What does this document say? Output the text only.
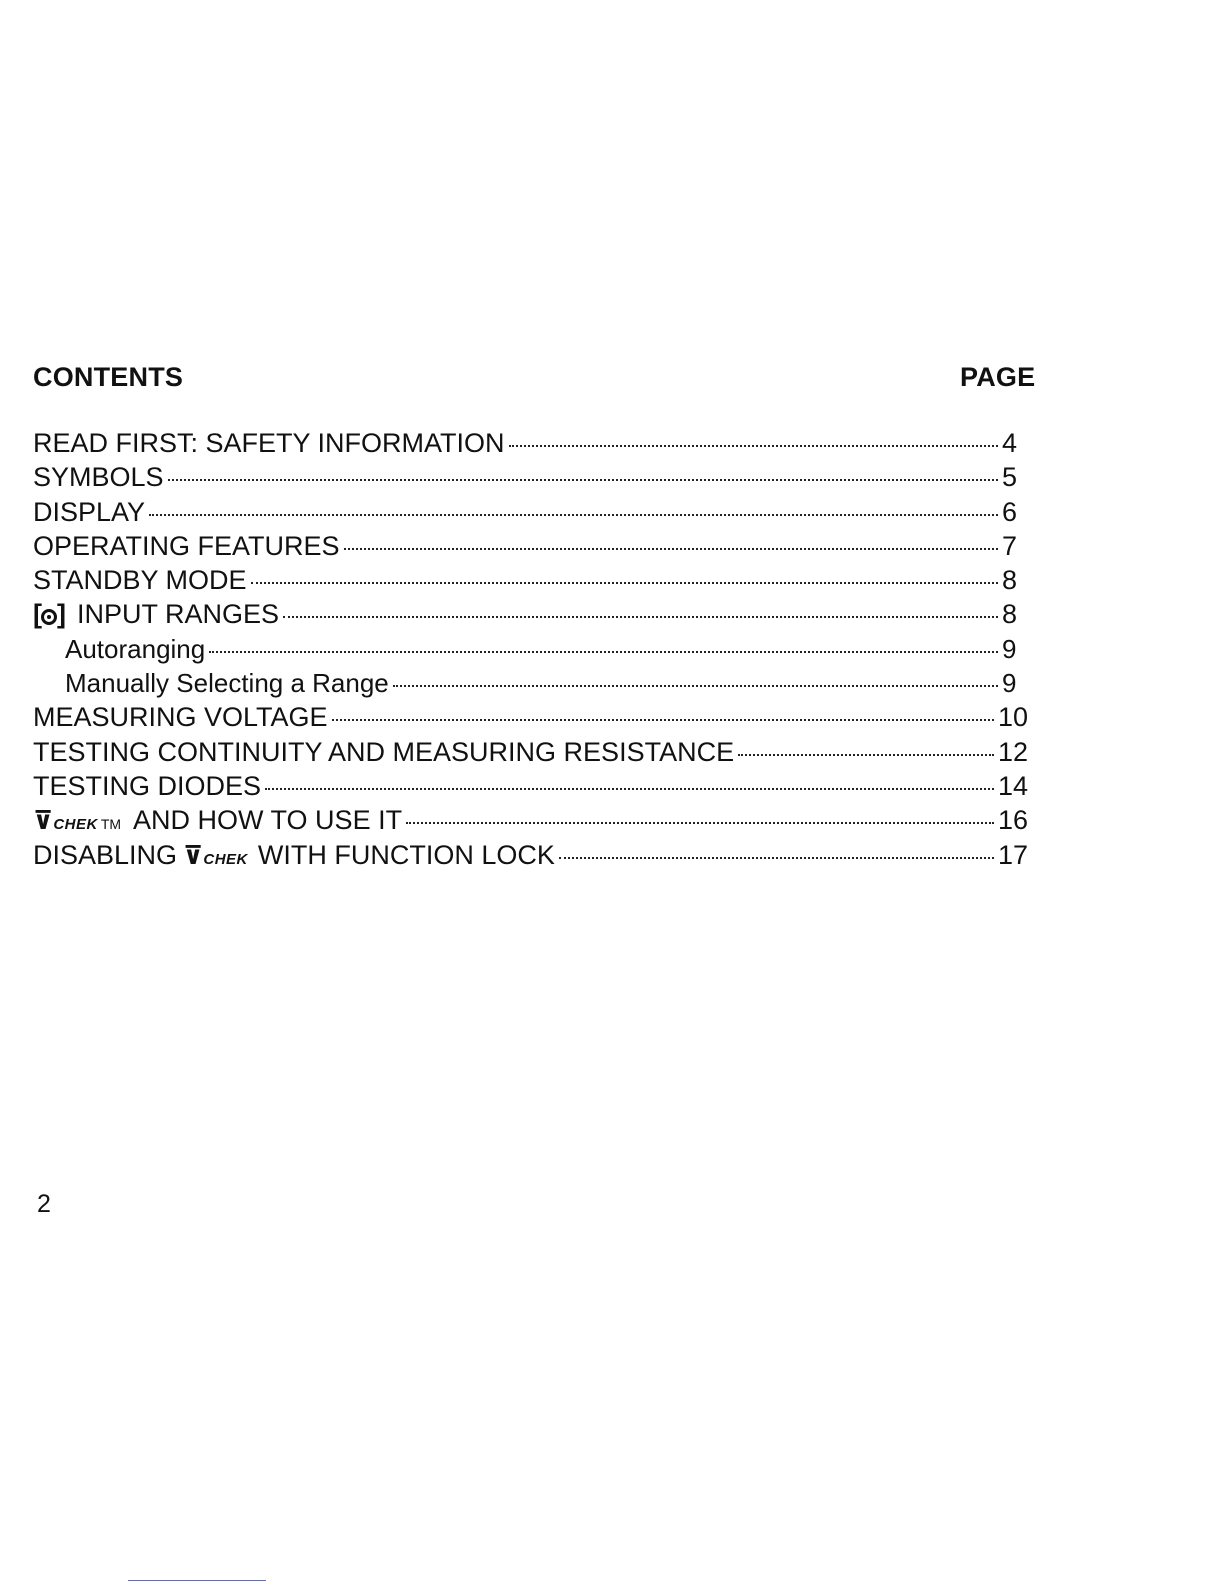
CONTENTS	PAGE
READ FIRST: SAFETY INFORMATION	4
SYMBOLS	5
DISPLAY	6
OPERATING FEATURES	7
STANDBY MODE	8
[ ] INPUT RANGES	8
Autoranging	9
Manually Selecting a Range	9
MEASURING VOLTAGE	10
TESTING CONTINUITY AND MEASURING RESISTANCE	12
TESTING DIODES	14
⊽ CHEK TM AND HOW TO USE IT	16
DISABLING ⊽ CHEK WITH FUNCTION LOCK	17
2
